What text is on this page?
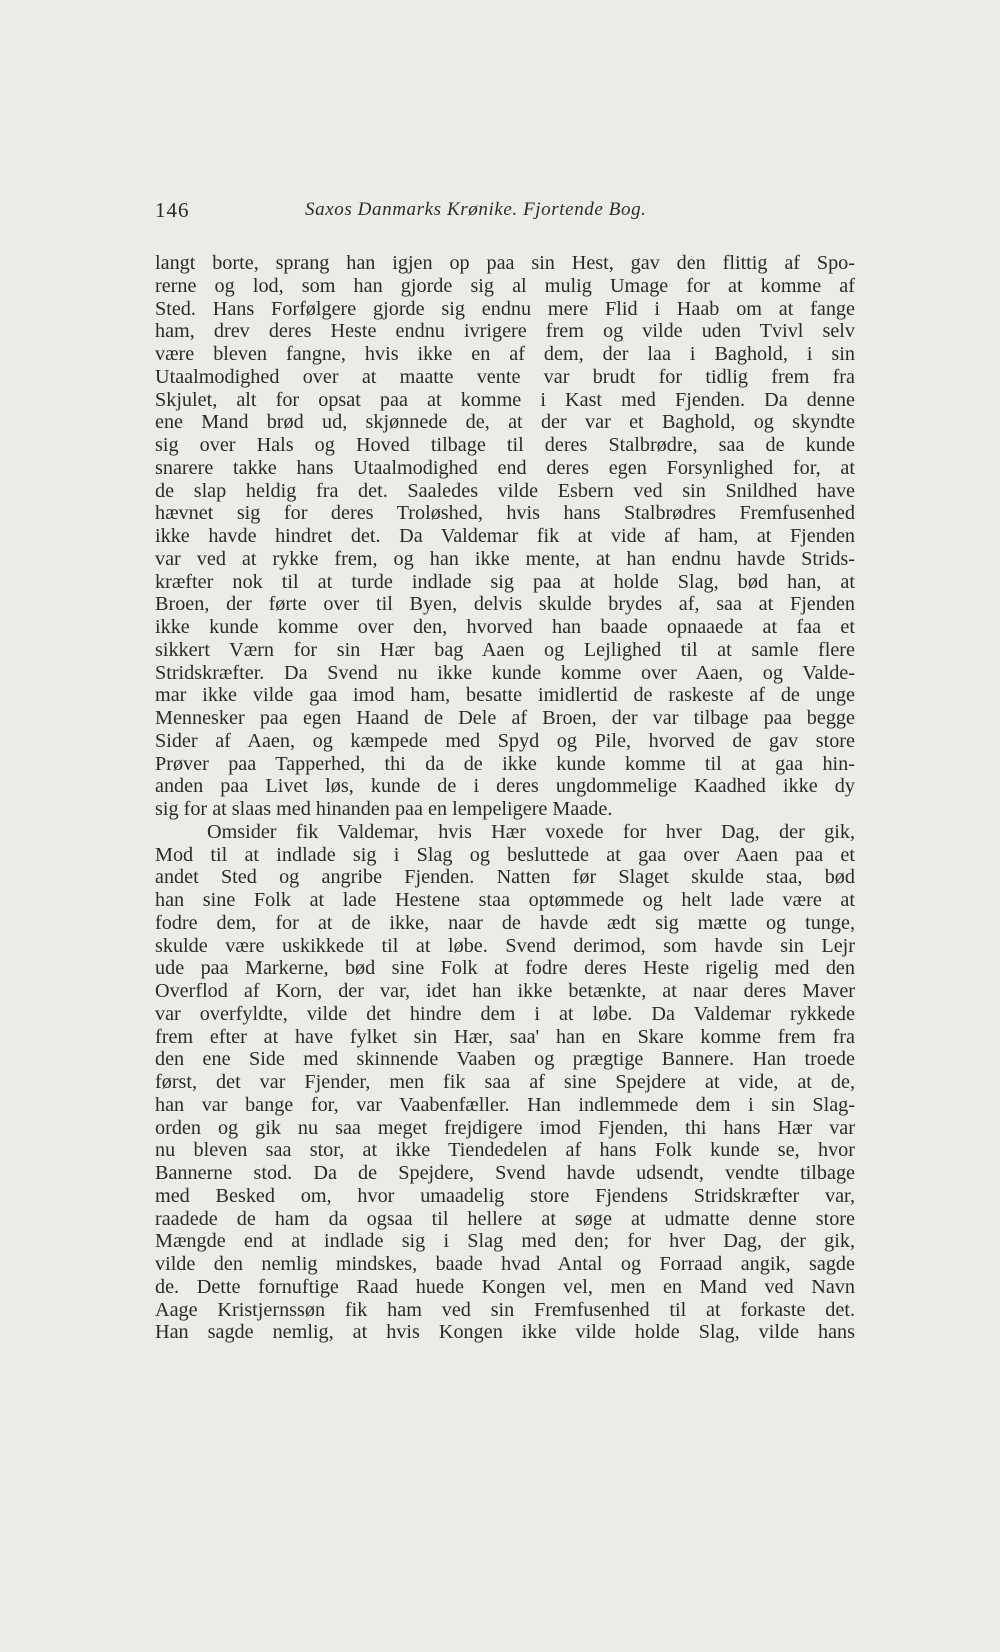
146	Saxos Danmarks Krønike. Fjortende Bog.
langt borte, sprang han igjen op paa sin Hest, gav den flittig af Spo-
rerne og lod, som han gjorde sig al mulig Umage for at komme af
Sted. Hans Forfølgere gjorde sig endnu mere Flid i Haab om at fange
ham, drev deres Heste endnu ivrigere frem og vilde uden Tvivl selv
være bleven fangne, hvis ikke en af dem, der laa i Baghold, i sin
Utaalmodighed over at maatte vente var brudt for tidlig frem fra
Skjulet, alt for opsat paa at komme i Kast med Fjenden. Da denne
ene Mand brød ud, skjønnede de, at der var et Baghold, og skyndte
sig over Hals og Hoved tilbage til deres Stalbrødre, saa de kunde
snarere takke hans Utaalmodighed end deres egen Forsynlighed for, at
de slap heldig fra det. Saaledes vilde Esbern ved sin Snildhed have
hævnet sig for deres Troløshed, hvis hans Stalbrødres Fremfusenhed
ikke havde hindret det. Da Valdemar fik at vide af ham, at Fjenden
var ved at rykke frem, og han ikke mente, at han endnu havde Strids-
kræfter nok til at turde indlade sig paa at holde Slag, bød han, at
Broen, der førte over til Byen, delvis skulde brydes af, saa at Fjenden
ikke kunde komme over den, hvorved han baade opnaaede at faa et
sikkert Værn for sin Hær bag Aaen og Lejlighed til at samle flere
Stridskræfter. Da Svend nu ikke kunde komme over Aaen, og Valde-
mar ikke vilde gaa imod ham, besatte imidlertid de raskeste af de unge
Mennesker paa egen Haand de Dele af Broen, der var tilbage paa begge
Sider af Aaen, og kæmpede med Spyd og Pile, hvorved de gav store
Prøver paa Tapperhed, thi da de ikke kunde komme til at gaa hin-
anden paa Livet løs, kunde de i deres ungdommelige Kaadhed ikke dy
sig for at slaas med hinanden paa en lempeligere Maade.
Omsider fik Valdemar, hvis Hær voxede for hver Dag, der gik,
Mod til at indlade sig i Slag og besluttede at gaa over Aaen paa et
andet Sted og angribe Fjenden. Natten før Slaget skulde staa, bød
han sine Folk at lade Hestene staa optømmede og helt lade være at
fodre dem, for at de ikke, naar de havde ædt sig mætte og tunge,
skulde være uskikkede til at løbe. Svend derimod, som havde sin Lejr
ude paa Markerne, bød sine Folk at fodre deres Heste rigelig med den
Overflod af Korn, der var, idet han ikke betænkte, at naar deres Maver
var overfyldte, vilde det hindre dem i at løbe. Da Valdemar rykkede
frem efter at have fylket sin Hær, saa' han en Skare komme frem fra
den ene Side med skinnende Vaaben og prægtige Bannere. Han troede
først, det var Fjender, men fik saa af sine Spejdere at vide, at de,
han var bange for, var Vaabenfæller. Han indlemmede dem i sin Slag-
orden og gik nu saa meget frejdigere imod Fjenden, thi hans Hær var
nu bleven saa stor, at ikke Tiendedelen af hans Folk kunde se, hvor
Bannerne stod. Da de Spejdere, Svend havde udsendt, vendte tilbage
med Besked om, hvor umaadelig store Fjendens Stridskræfter var,
raadede de ham da ogsaa til hellere at søge at udmatte denne store
Mængde end at indlade sig i Slag med den; for hver Dag, der gik,
vilde den nemlig mindskes, baade hvad Antal og Forraad angik, sagde
de. Dette fornuftige Raad huede Kongen vel, men en Mand ved Navn
Aage Kristjernssøn fik ham ved sin Fremfusenhed til at forkaste det.
Han sagde nemlig, at hvis Kongen ikke vilde holde Slag, vilde hans
